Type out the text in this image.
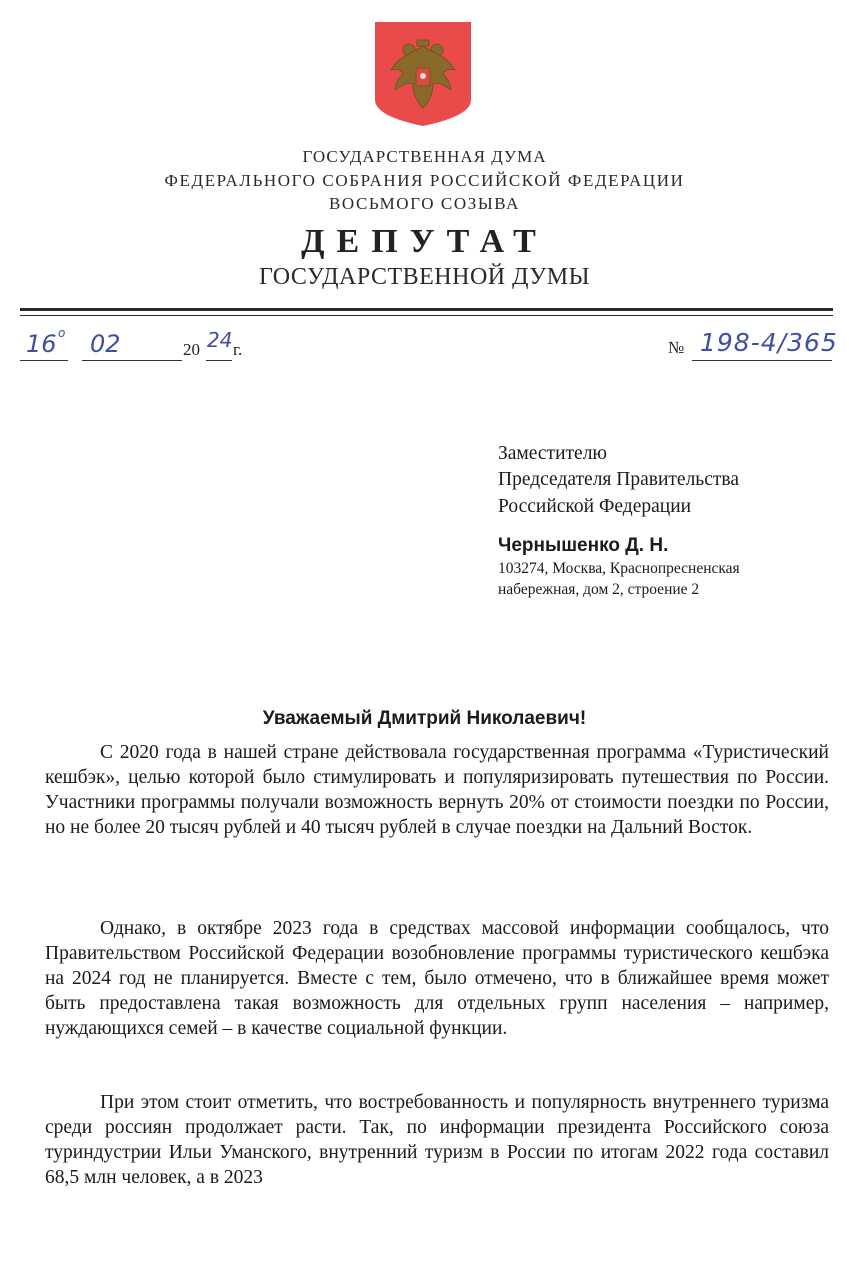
ГОСУДАРСТВЕННАЯ ДУМА
ФЕДЕРАЛЬНОГО СОБРАНИЯ РОССИЙСКОЙ ФЕДЕРАЦИИ
ВОСЬМОГО СОЗЫВА
ДЕПУТАТ
ГОСУДАРСТВЕННОЙ ДУМЫ
16 о 02	20 24 г.	№ 198-4/365
Заместителю
Председателя Правительства
Российской Федерации
Чернышенко Д. Н.
103274, Москва, Краснопресненская
набережная, дом 2, строение 2
Уважаемый Дмитрий Николаевич!

С 2020 года в нашей стране действовала государственная программа «Туристический кешбэк», целью которой было стимулировать и популяризировать путешествия по России. Участники программы получали возможность вернуть 20% от стоимости поездки по России, но не более 20 тысяч рублей и 40 тысяч рублей в случае поездки на Дальний Восток.

Однако, в октябре 2023 года в средствах массовой информации сообщалось, что Правительством Российской Федерации возобновление программы туристического кешбэка на 2024 год не планируется. Вместе с тем, было отмечено, что в ближайшее время может быть предоставлена такая возможность для отдельных групп населения – например, нуждающихся семей – в качестве социальной функции.

При этом стоит отметить, что востребованность и популярность внутреннего туризма среди россиян продолжает расти. Так, по информации президента Российского союза туриндустрии Ильи Уманского, внутренний туризм в России по итогам 2022 года составил 68,5 млн человек, а в 2023
